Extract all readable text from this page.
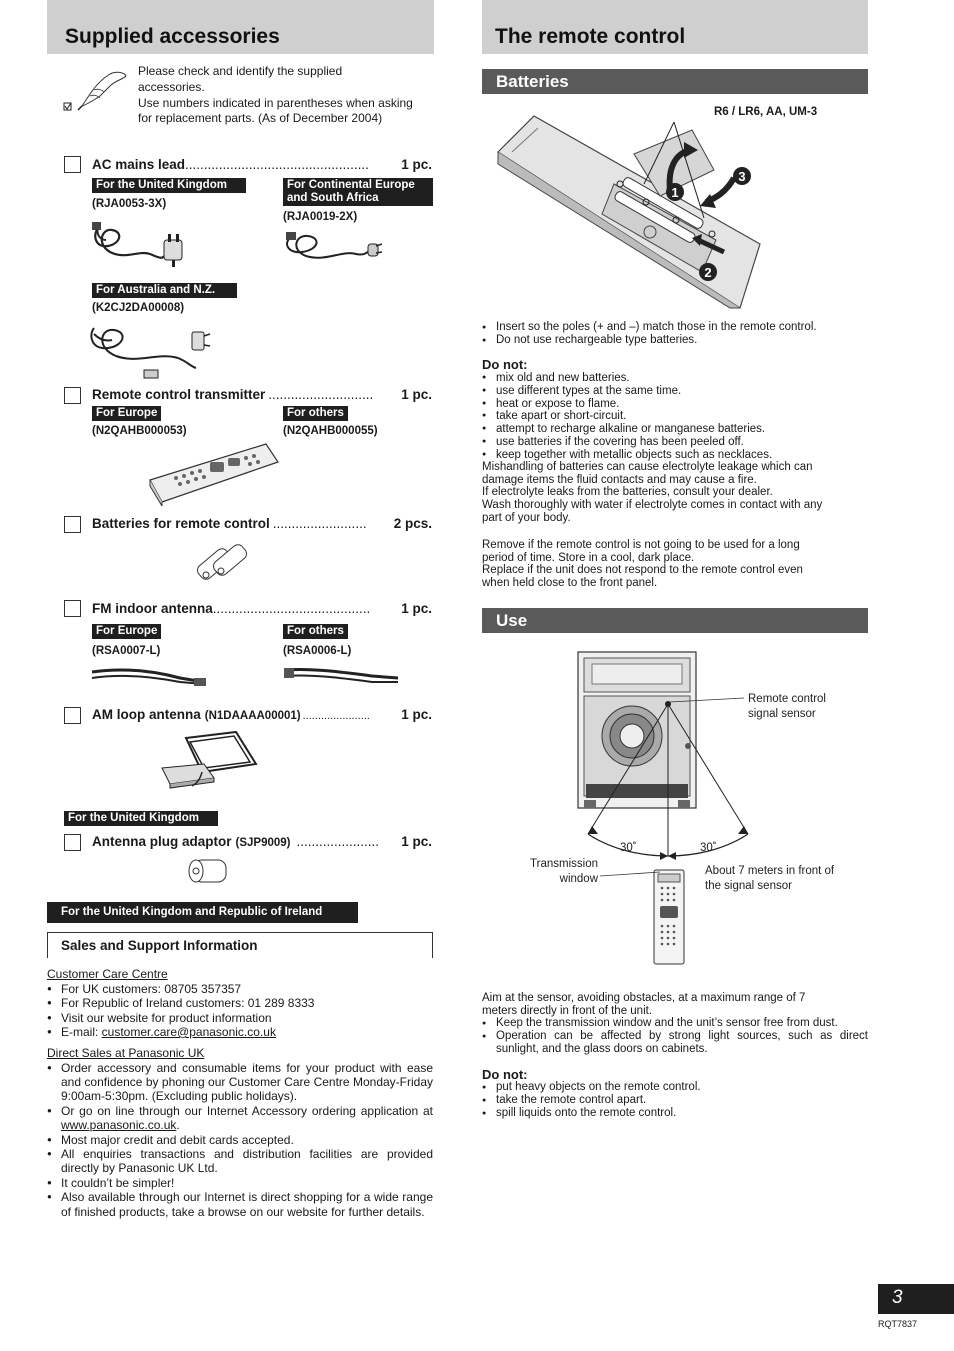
Supplied accessories
Please check and identify the supplied
accessories.
Use numbers indicated in parentheses when asking
for replacement parts. (As of December 2004)
AC mains lead .................................................	1 pc.
For the United Kingdom
(RJA0053-3X)
For Continental Europe
and South Africa
(RJA0019-2X)
For Australia and N.Z.
(K2CJ2DA00008)
Remote control transmitter ............................	1 pc.
For Europe
(N2QAHB000053)
For others
(N2QAHB000055)
Batteries for remote control .........................	2 pcs.
FM indoor antenna ..........................................	1 pc.
For Europe
(RSA0007-L)
For others
(RSA0006-L)
AM loop antenna (N1DAAAA00001) ......................	1 pc.
For the United Kingdom
Antenna plug adaptor (SJP9009) ......................	1 pc.
For the United Kingdom and Republic of Ireland
Sales and Support Information
Customer Care Centre
● For UK customers: 08705 357357
● For Republic of Ireland customers: 01 289 8333
● Visit our website for product information
● E-mail: customer.care@panasonic.co.uk
Direct Sales at Panasonic UK
● Order accessory and consumable items for your product with ease and confidence by phoning our Customer Care Centre Monday-Friday 9:00am-5:30pm. (Excluding public holidays).
● Or go on line through our Internet Accessory ordering application at www.panasonic.co.uk.
● Most major credit and debit cards accepted.
● All enquiries transactions and distribution facilities are provided directly by Panasonic UK Ltd.
● It couldn’t be simpler!
● Also available through our Internet is direct shopping for a wide range of finished products, take a browse on our website for further details.
The remote control
Batteries
R6 / LR6, AA, UM-3
1
2
3
● Insert so the poles (+ and –) match those in the remote control.
● Do not use rechargeable type batteries.
Do not:
● mix old and new batteries.
● use different types at the same time.
● heat or expose to flame.
● take apart or short-circuit.
● attempt to recharge alkaline or manganese batteries.
● use batteries if the covering has been peeled off.
● keep together with metallic objects such as necklaces.
Mishandling of batteries can cause electrolyte leakage which can
damage items the fluid contacts and may cause a fire.
If electrolyte leaks from the batteries, consult your dealer.
Wash thoroughly with water if electrolyte comes in contact with any
part of your body.
Remove if the remote control is not going to be used for a long
period of time. Store in a cool, dark place.
Replace if the unit does not respond to the remote control even
when held close to the front panel.
Use
Remote control
signal sensor
30˚	30˚
Transmission
window
About 7 meters in front of
the signal sensor
Aim at the sensor, avoiding obstacles, at a maximum range of 7
meters directly in front of the unit.
● Keep the transmission window and the unit’s sensor free from dust.
● Operation can be affected by strong light sources, such as direct sunlight, and the glass doors on cabinets.
Do not:
● put heavy objects on the remote control.
● take the remote control apart.
● spill liquids onto the remote control.
3
RQT7837
